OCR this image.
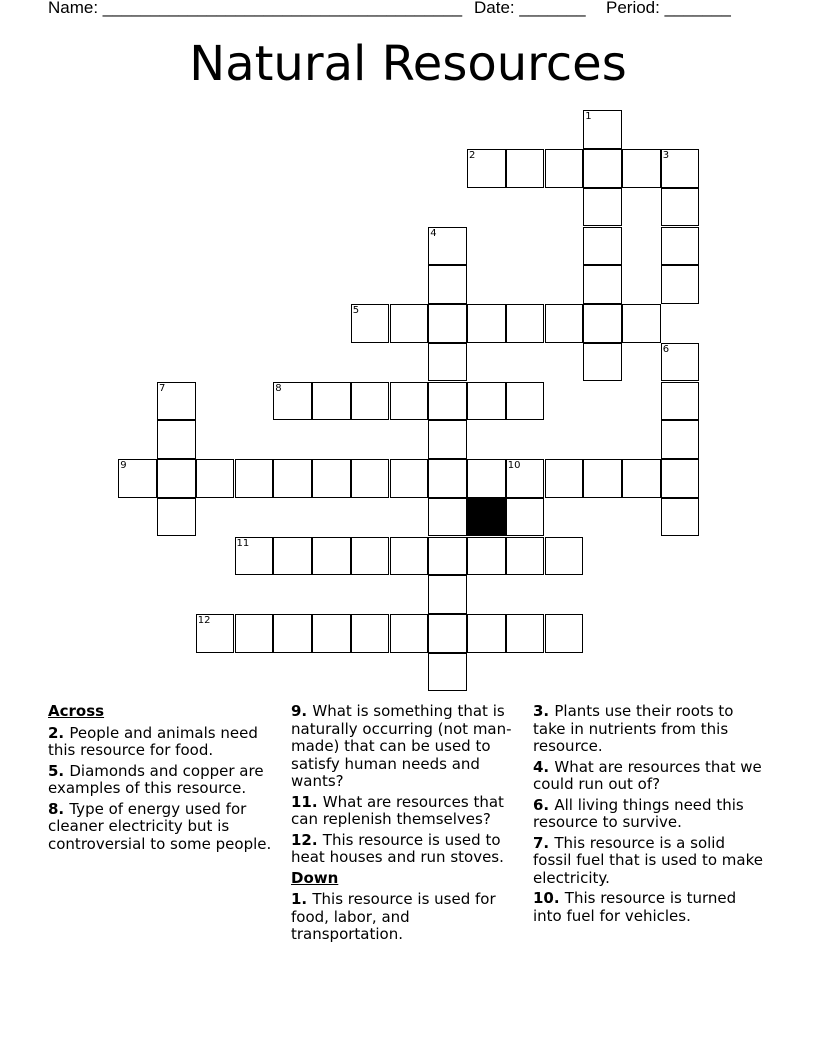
Name: ______________________________________ Date: _______ Period: _______
Natural Resources
1
2	3
4
5
6
7	8
9	10
11
12
Across
2. People and animals need this resource for food.
5. Diamonds and copper are examples of this resource.
8. Type of energy used for cleaner electricity but is controversial to some people.
9. What is something that is naturally occurring (not man-made) that can be used to satisfy human needs and wants?
11. What are resources that can replenish themselves?
12. This resource is used to heat houses and run stoves.
Down
1. This resource is used for food, labor, and transportation.
3. Plants use their roots to take in nutrients from this resource.
4. What are resources that we could run out of?
6. All living things need this resource to survive.
7. This resource is a solid fossil fuel that is used to make electricity.
10. This resource is turned into fuel for vehicles.
